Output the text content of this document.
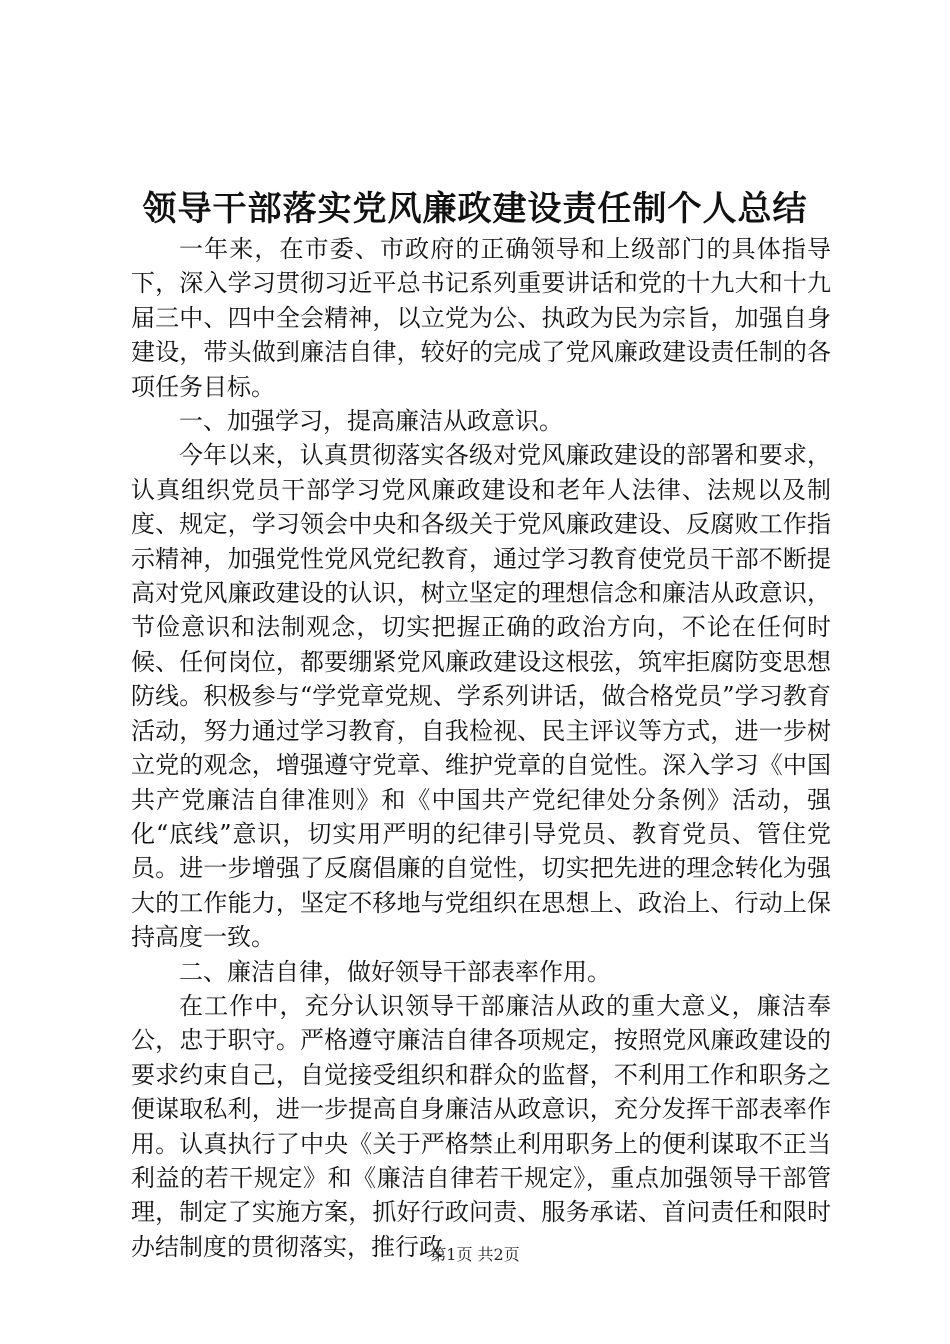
领导干部落实党风廉政建设责任制个人总结

一年来，在市委、市政府的正确领导和上级部门的具体指导下，深入学习贯彻习近平总书记系列重要讲话和党的十九大和十九届三中、四中全会精神，以立党为公、执政为民为宗旨，加强自身建设，带头做到廉洁自律，较好的完成了党风廉政建设责任制的各项任务目标。

一、加强学习，提高廉洁从政意识。

今年以来，认真贯彻落实各级对党风廉政建设的部署和要求，认真组织党员干部学习党风廉政建设和老年人法律、法规以及制度、规定，学习领会中央和各级关于党风廉政建设、反腐败工作指示精神，加强党性党风党纪教育，通过学习教育使党员干部不断提高对党风廉政建设的认识，树立坚定的理想信念和廉洁从政意识，节俭意识和法制观念，切实把握正确的政治方向，不论在任何时候、任何岗位，都要绷紧党风廉政建设这根弦，筑牢拒腐防变思想防线。积极参与“学党章党规、学系列讲话，做合格党员”学习教育活动，努力通过学习教育，自我检视、民主评议等方式，进一步树立党的观念，增强遵守党章、维护党章的自觉性。深入学习《中国共产党廉洁自律准则》和《中国共产党纪律处分条例》活动，强化“底线”意识，切实用严明的纪律引导党员、教育党员、管住党员。进一步增强了反腐倡廉的自觉性，切实把先进的理念转化为强大的工作能力，坚定不移地与党组织在思想上、政治上、行动上保持高度一致。

二、廉洁自律，做好领导干部表率作用。

在工作中，充分认识领导干部廉洁从政的重大意义，廉洁奉公，忠于职守。严格遵守廉洁自律各项规定，按照党风廉政建设的要求约束自己，自觉接受组织和群众的监督，不利用工作和职务之便谋取私利，进一步提高自身廉洁从政意识，充分发挥干部表率作用。认真执行了中央《关于严格禁止利用职务上的便利谋取不正当利益的若干规定》和《廉洁自律若干规定》，重点加强领导干部管理，制定了实施方案，抓好行政问责、服务承诺、首问责任和限时办结制度的贯彻落实，推行政

第1页 共2页
